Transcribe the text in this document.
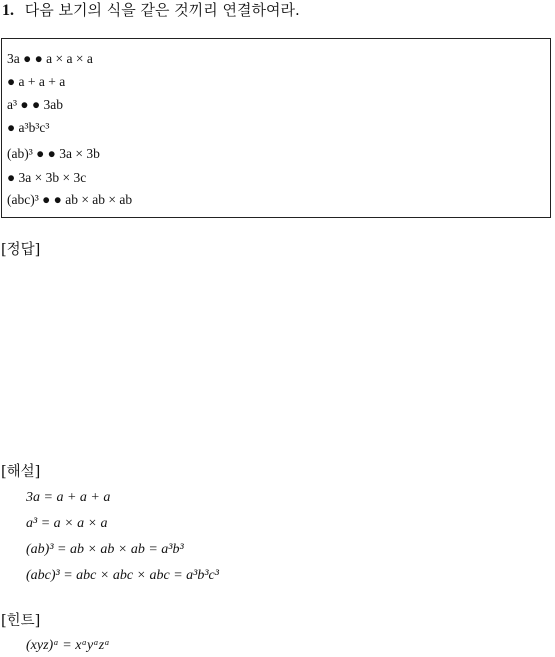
1. 다음 보기의 식을 같은 것끼리 연결하여라.
3a ● ● a × a × a
● a + a + a
a³ ● ● 3ab
● a³b³c³
(ab)³ ● ● 3a × 3b
● 3a × 3b × 3c
(abc)³ ● ● ab × ab × ab
[정답]
[해설]
3a = a + a + a
a³ = a × a × a
(ab)³ = ab × ab × ab = a³b³
(abc)³ = abc × abc × abc = a³b³c³
[힌트]
(xyz)ᵃ = xᵃyᵃzᵃ
